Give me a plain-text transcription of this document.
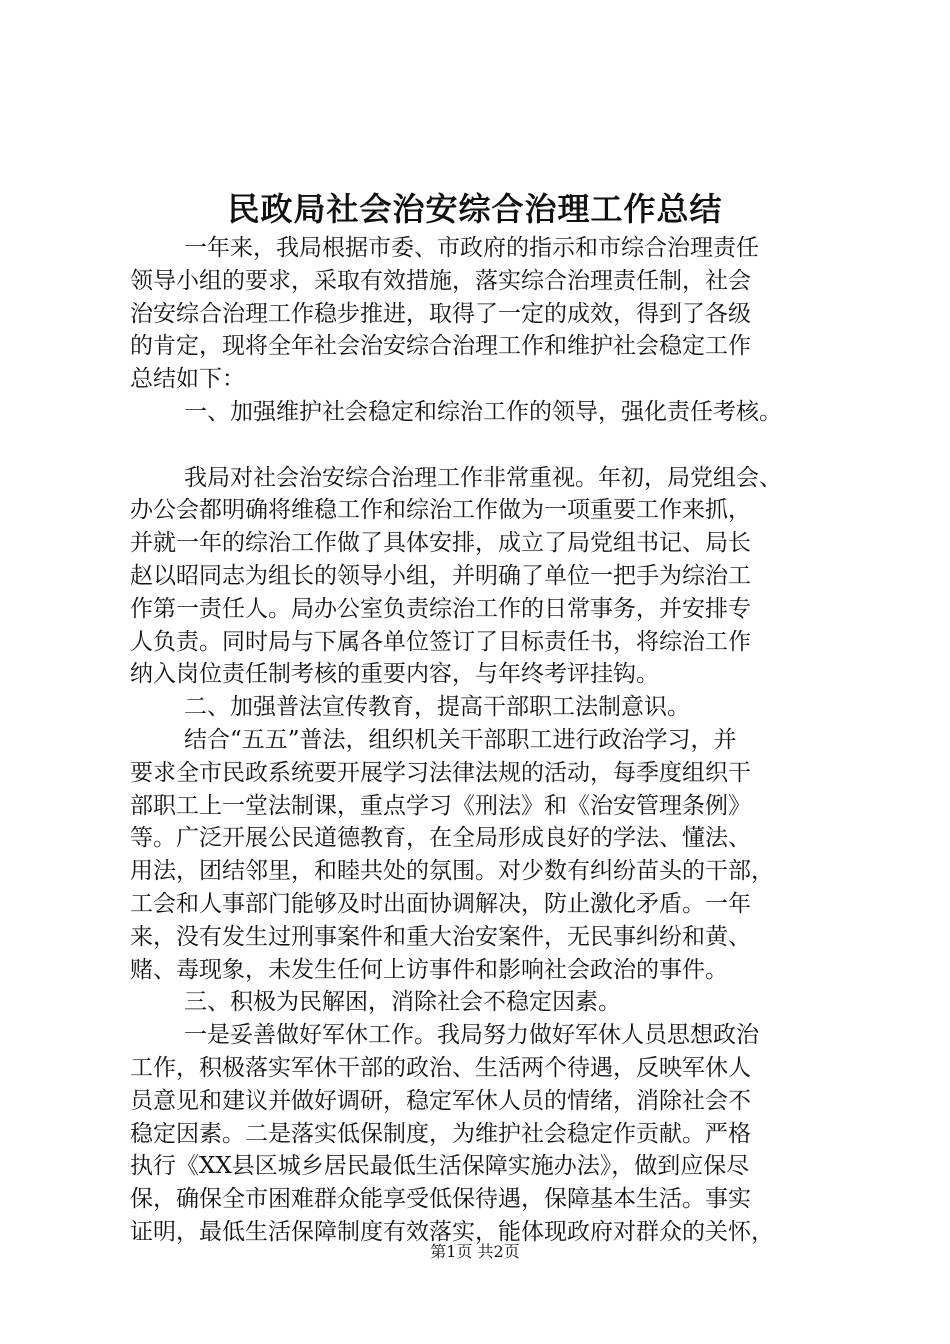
民政局社会治安综合治理工作总结
一年来，我局根据市委、市政府的指示和市综合治理责任
领导小组的要求，采取有效措施，落实综合治理责任制，社会
治安综合治理工作稳步推进，取得了一定的成效，得到了各级
的肯定，现将全年社会治安综合治理工作和维护社会稳定工作
总结如下：
一、加强维护社会稳定和综治工作的领导，强化责任考核。
我局对社会治安综合治理工作非常重视。年初，局党组会、
办公会都明确将维稳工作和综治工作做为一项重要工作来抓，
并就一年的综治工作做了具体安排，成立了局党组书记、局长
赵以昭同志为组长的领导小组，并明确了单位一把手为综治工
作第一责任人。局办公室负责综治工作的日常事务，并安排专
人负责。同时局与下属各单位签订了目标责任书，将综治工作
纳入岗位责任制考核的重要内容，与年终考评挂钩。
二、加强普法宣传教育，提高干部职工法制意识。
结合“五五”普法，组织机关干部职工进行政治学习，并
要求全市民政系统要开展学习法律法规的活动，每季度组织干
部职工上一堂法制课，重点学习《刑法》和《治安管理条例》
等。广泛开展公民道德教育，在全局形成良好的学法、懂法、
用法，团结邻里，和睦共处的氛围。对少数有纠纷苗头的干部，
工会和人事部门能够及时出面协调解决，防止激化矛盾。一年
来，没有发生过刑事案件和重大治安案件，无民事纠纷和黄、
赌、毒现象，未发生任何上访事件和影响社会政治的事件。
三、积极为民解困，消除社会不稳定因素。
一是妥善做好军休工作。我局努力做好军休人员思想政治
工作，积极落实军休干部的政治、生活两个待遇，反映军休人
员意见和建议并做好调研，稳定军休人员的情绪，消除社会不
稳定因素。二是落实低保制度，为维护社会稳定作贡献。严格
执行《XX县区城乡居民最低生活保障实施办法》，做到应保尽
保，确保全市困难群众能享受低保待遇，保障基本生活。事实
证明，最低生活保障制度有效落实，能体现政府对群众的关怀，
第1页 共2页
